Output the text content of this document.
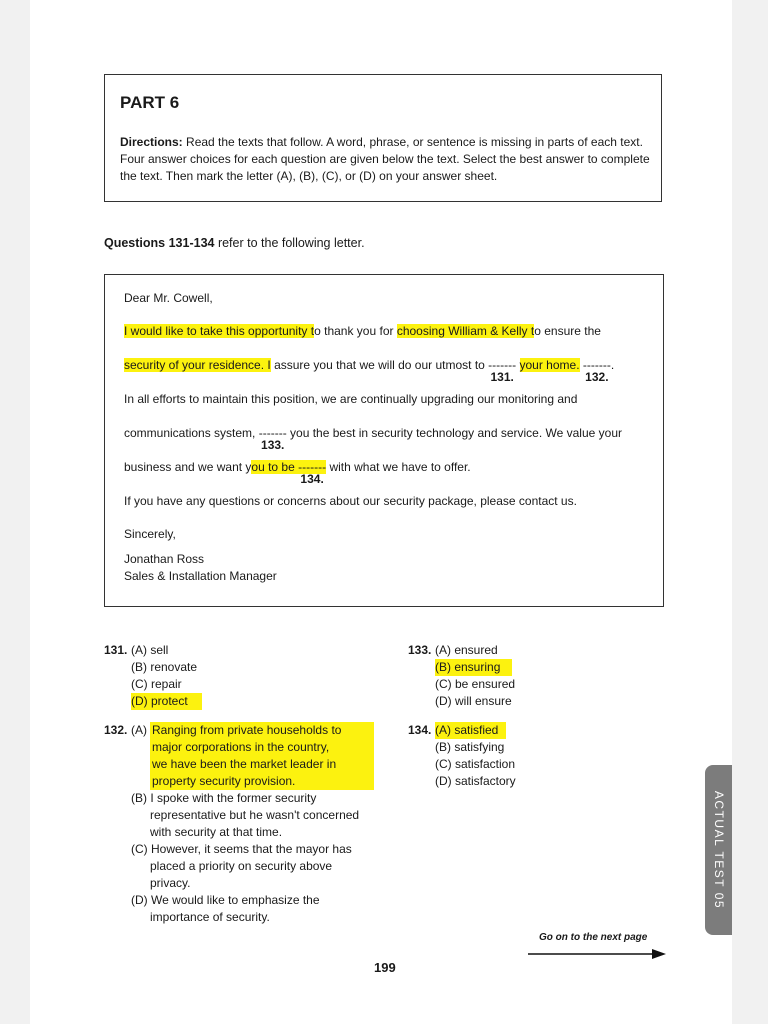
PART 6
Directions: Read the texts that follow. A word, phrase, or sentence is missing in parts of each text.
Four answer choices for each question are given below the text. Select the best answer to complete
the text. Then mark the letter (A), (B), (C), or (D) on your answer sheet.
Questions 131-134 refer to the following letter.
Dear Mr. Cowell,
I would like to take this opportunity to thank you for choosing William & Kelly to ensure the
security of your residence. I assure you that we will do our utmost to -------
131.
your home. -------
132.
.
In all efforts to maintain this position, we are continually upgrading our monitoring and
communications system, -------
133.
you the best in security technology and service. We value your
business and we want you to be -------
134.
with what we have to offer.
If you have any questions or concerns about our security package, please contact us.
Sincerely,
Jonathan Ross
Sales & Installation Manager
131. (A) sell
(B) renovate
(C) repair
(D) protect
132. (A) Ranging from private households to
major corporations in the country,
we have been the market leader in
property security provision.
(B) I spoke with the former security
representative but he wasn't concerned
with security at that time.
(C) However, it seems that the mayor has
placed a priority on security above
privacy.
(D) We would like to emphasize the
importance of security.
133. (A) ensured
(B) ensuring
(C) be ensured
(D) will ensure
134. (A) satisfied
(B) satisfying
(C) satisfaction
(D) satisfactory
ACTUAL TEST 05
Go on to the next page
199
